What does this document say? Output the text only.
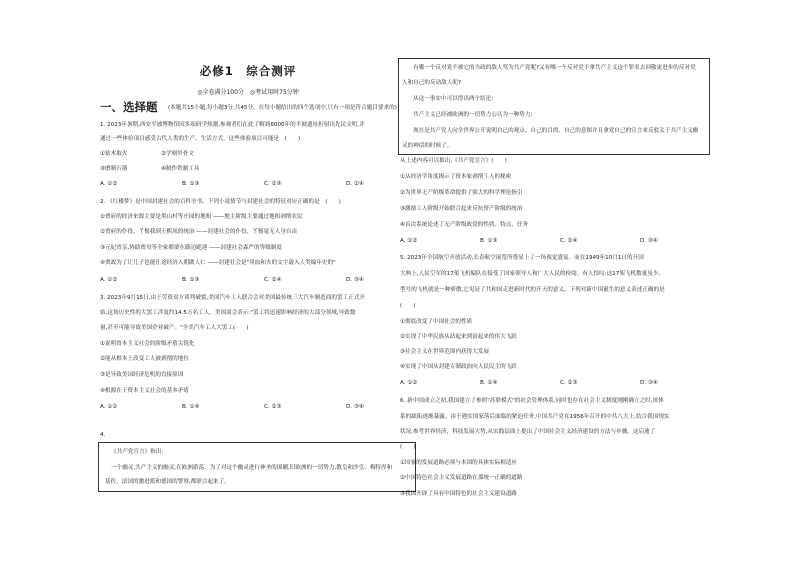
必修1　综合测评
◎全卷满分100分　◎考试用时75分钟
一、选择题 (本题共15小题,每小题3分,共45分。在每小题给出的四个选项中,只有一项是符合题目要求的)
1. 2023年暑期,西安半坡博物馆因多项研学热潮,参观者们在此了解到6000年的半坡遗址折射出先民文明,并
通过一些体验项目感受古代人类的生产、生活方式。这些体验项目可能是　(　　)
①钻木取火　　　　　　②学刻甲骨文
③磨制石器　　　　　　④制作铁制工具
A. ①②	B. ①③	C. ②③	D. ②④
2. 《红楼梦》是中国封建社会的百科全书。下列小说情节与封建社会的特征对应正确的是　(　　)
①贾府的经济来源主要是黑山村等庄园的地租 ——地主阶级主要通过地租剥削农民
②贾府的仆役、丫鬟我到王熙凤的统治 ——封建社会的仆役、丫鬟毫无人身自由
③元妃省亲,协助贾母等全家都要在路边跪迎 ——封建社会森严的等级制度
④贾政为了让儿子也能仕途经济入朝做人仁 ——封建社会是"用血和火的文字载入人类编年史的"
A. ①②	B. ①③	C. ②④	D. ③④
3. 2023年9月15日,由于劳资双方谈判破裂,美国汽车工人联合会对美国最传统三大汽车制造商的罢工正式开
始,这场历史性的大罢工涉及约14.5万名工人。美国商会表示:"罢工将迅速影响经济的大部分领域,导致数
量,甚至可能导致美国企业破产。"全美汽车工人大罢工(　　)
①说明资本主义社会的阶级矛盾尖锐化
②能从根本上改变工人被剥削的地位
③是导致美国经济危机的直接原因
④根源在于资本主义社会的基本矛盾
A. ①②	B. ①④	C. ②③	D. ③④
4.
《共产党宣言》指出:
一个幽灵,共产主义的幽灵,在欧洲游荡。为了对这个幽灵进行神圣的围剿,旧欧洲的一切势力,教皇和沙皇、梅特涅和
基佐、法国的激进派和德国的警察,都联合起来了。
有哪一个反对党不被它的当政的敌人骂为共产党呢?又有哪一个反对党不拿共产主义这个罪名去回敬更进步的反对党
人和自己的反动敌人呢?
从这一事实中可以得出两个结论:
共产主义已经被欧洲的一切势力公认为一种势力;
现在是共产党人向全世界公开说明自己的观点、自己的目的、自己的意图并且拿党自己的宣言来反驳关于共产主义幽
灵的神话的时候了。
从上述内容可以推出,《共产党宣言》(　　)
①从经济学角度揭示了资本家剥削工人的秘密
②为世界无产阶级革命提供了强大的科学理论指引
③激励工人阶级开始联合起来反抗资产阶级的统治
④首次系统论述了无产阶级政党的性质、特点、任务
A. ①②	B. ①③	C. ②④	D. ③④
5. 2023年全国航空开放活动,长春航空展览所尊显上了一场视觉盛宴。而在1949年10月1日的开国
大典上,人民空军的17架飞机编队在接受了国家领导人和广大人民的检阅。有人惊叹:这17架飞机数量虽少,
型号的飞机就是一种骄傲,它见证了共和国走进新时代的开天的意义。下列对新中国诞生的意义表述正确的是
(　　)
①彻底改变了中国社会的性质
②实现了中华民族从站起来到富起来的伟大飞跃
③社会主义在世界范围内获得大发展
④实现了中国从封建专制政治向人民民主的飞跃
A. ①②	B. ①④	C. ②③	D. ③④
6. 新中国成立之初,我国建立了参照"苏联模式"的社会管理体系,同时也存在社会主义制度刚刚确立之时,该体
系的缺陷逐渐暴露。由于遇实国家落后面临的紧迫任务,中国共产党在1956年召开的中共八大上,结合我国现实
状况,参考世界经济、科技发展大势,从实践层面上提出了中国社会主义经济建设的方法与步骤。这启迪了
(　　)
①国家的发展道路必须与本国的具体实际相适应
②中国特色社会主义发展道路在那统一正确的道路
③我国开辟了具有中国特色的社会主义建设道路
